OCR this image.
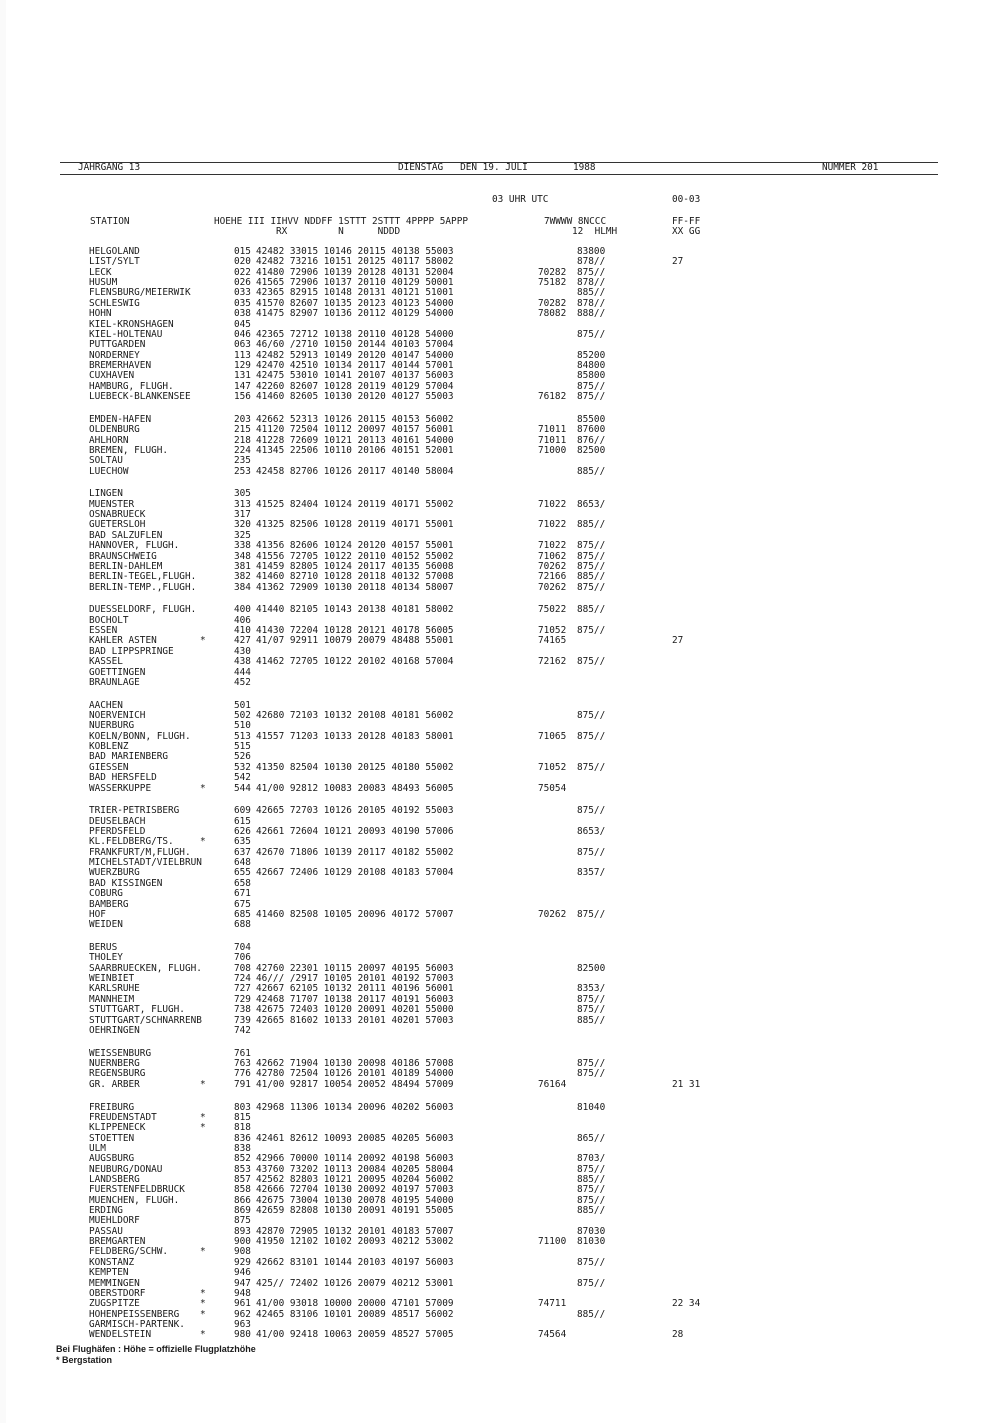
JAHRGANG 13	DIENSTAG   DEN 19. JULI        1988	NUMMER 201
03 UHR UTC	00-03
STATION	HOEHE III IIHVV NDDFF 1STTT 2STTT 4PPPP 5APPP	7WWWW 8NCCC	FF-FF
RX         N      NDDD	12  HLMH	XX GG
HELGOLAND	015 42482 33015 10146 20115 40138 55003	83800
LIST/SYLT	020 42482 73216 10151 20125 40117 58002	878//	27
LECK	022 41480 72906 10139 20128 40131 52004	70282 875//
HUSUM	026 41565 72906 10137 20110 40129 50001	75182 878//
FLENSBURG/MEIERWIK	033 42365 82915 10148 20131 40121 51001	885//
SCHLESWIG	035 41570 82607 10135 20123 40123 54000	70282 878//
HOHN	038 41475 82907 10136 20112 40129 54000	78082 888//
KIEL-KRONSHAGEN	045
KIEL-HOLTENAU	046 42365 72712 10138 20110 40128 54000	875//
PUTTGARDEN	063 46/60 /2710 10150 20144 40103 57004
NORDERNEY	113 42482 52913 10149 20120 40147 54000	85200
BREMERHAVEN	129 42470 42510 10134 20117 40144 57001	84800
CUXHAVEN	131 42475 53010 10141 20107 40137 56003	85800
HAMBURG, FLUGH.	147 42260 82607 10128 20119 40129 57004	875//
LUEBECK-BLANKENSEE	156 41460 82605 10130 20120 40127 55003	76182 875//
EMDEN-HAFEN	203 42662 52313 10126 20115 40153 56002	85500
OLDENBURG	215 41120 72504 10112 20097 40157 56001	71011 87600
AHLHORN	218 41228 72609 10121 20113 40161 54000	71011 876//
BREMEN, FLUGH.	224 41345 22506 10110 20106 40151 52001	71000 82500
SOLTAU	235
LUECHOW	253 42458 82706 10126 20117 40140 58004	885//
LINGEN	305
MUENSTER	313 41525 82404 10124 20119 40171 55002	71022 8653/
OSNABRUECK	317
GUETERSLOH	320 41325 82506 10128 20119 40171 55001	71022 885//
BAD SALZUFLEN	325
HANNOVER, FLUGH.	338 41356 82606 10124 20120 40157 55001	71022 875//
BRAUNSCHWEIG	348 41556 72705 10122 20110 40152 55002	71062 875//
BERLIN-DAHLEM	381 41459 82805 10124 20117 40135 56008	70262 875//
BERLIN-TEGEL,FLUGH.	382 41460 82710 10128 20118 40132 57008	72166 885//
BERLIN-TEMP.,FLUGH.	384 41362 72909 10130 20118 40134 58007	70262 875//
DUESSELDORF, FLUGH.	400 41440 82105 10143 20138 40181 58002	75022 885//
BOCHOLT	406
ESSEN	410 41430 72204 10128 20121 40178 56005	71052 875//
KAHLER ASTEN	*	427 41/07 92911 10079 20079 48488 55001	74165	27
BAD LIPPSPRINGE	430
KASSEL	438 41462 72705 10122 20102 40168 57004	72162 875//
GOETTINGEN	444
BRAUNLAGE	452
AACHEN	501
NOERVENICH	502 42680 72103 10132 20108 40181 56002	875//
NUERBURG	510
KOELN/BONN, FLUGH.	513 41557 71203 10133 20128 40183 58001	71065 875//
KOBLENZ	515
BAD MARIENBERG	526
GIESSEN	532 41350 82504 10130 20125 40180 55002	71052 875//
BAD HERSFELD	542
WASSERKUPPE	*	544 41/00 92812 10083 20083 48493 56005	75054
TRIER-PETRISBERG	609 42665 72703 10126 20105 40192 55003	875//
DEUSELBACH	615
PFERDSFELD	626 42661 72604 10121 20093 40190 57006	8653/
KL.FELDBERG/TS.	*	635
FRANKFURT/M,FLUGH.	637 42670 71806 10139 20117 40182 55002	875//
MICHELSTADT/VIELBRUN	648
WUERZBURG	655 42667 72406 10129 20108 40183 57004	8357/
BAD KISSINGEN	658
COBURG	671
BAMBERG	675
HOF	685 41460 82508 10105 20096 40172 57007	70262 875//
WEIDEN	688
BERUS	704
THOLEY	706
SAARBRUECKEN, FLUGH.	708 42760 22301 10115 20097 40195 56003	82500
WEINBIET	724 46/// /2917 10105 20101 40192 57003
KARLSRUHE	727 42667 62105 10132 20111 40196 56001	8353/
MANNHEIM	729 42468 71707 10138 20117 40191 56003	875//
STUTTGART, FLUGH.	738 42675 72403 10120 20091 40201 55000	875//
STUTTGART/SCHNARRENB	739 42665 81602 10133 20101 40201 57003	885//
OEHRINGEN	742
WEISSENBURG	761
NUERNBERG	763 42662 71904 10130 20098 40186 57008	875//
REGENSBURG	776 42780 72504 10126 20101 40189 54000	875//
GR. ARBER	*	791 41/00 92817 10054 20052 48494 57009	76164	21 31
FREIBURG	803 42968 11306 10134 20096 40202 56003	81040
FREUDENSTADT	*	815
KLIPPENECK	*	818
STOETTEN	836 42461 82612 10093 20085 40205 56003	865//
ULM	838
AUGSBURG	852 42966 70000 10114 20092 40198 56003	8703/
NEUBURG/DONAU	853 43760 73202 10113 20084 40205 58004	875//
LANDSBERG	857 42562 82803 10121 20095 40204 56002	885//
FUERSTENFELDBRUCK	858 42666 72704 10130 20092 40197 57003	875//
MUENCHEN, FLUGH.	866 42675 73004 10130 20078 40195 54000	875//
ERDING	869 42659 82808 10130 20091 40191 55005	885//
MUEHLDORF	875
PASSAU	893 42870 72905 10132 20101 40183 57007	87030
BREMGARTEN	900 41950 12102 10102 20093 40212 53002	71100 81030
FELDBERG/SCHW.	*	908
KONSTANZ	929 42662 83101 10144 20103 40197 56003	875//
KEMPTEN	946
MEMMINGEN	947 425// 72402 10126 20079 40212 53001	875//
OBERSTDORF	*	948
ZUGSPITZE	*	961 41/00 93018 10000 20000 47101 57009	74711	22 34
HOHENPEISSENBERG *	962 42465 83106 10101 20089 48517 56002	885//
GARMISCH-PARTENK.	963
WENDELSTEIN	*	980 41/00 92418 10063 20059 48527 57005	74564	28
Bei Flughäfen : Höhe = offizielle Flugplatzhöhe
* Bergstation
